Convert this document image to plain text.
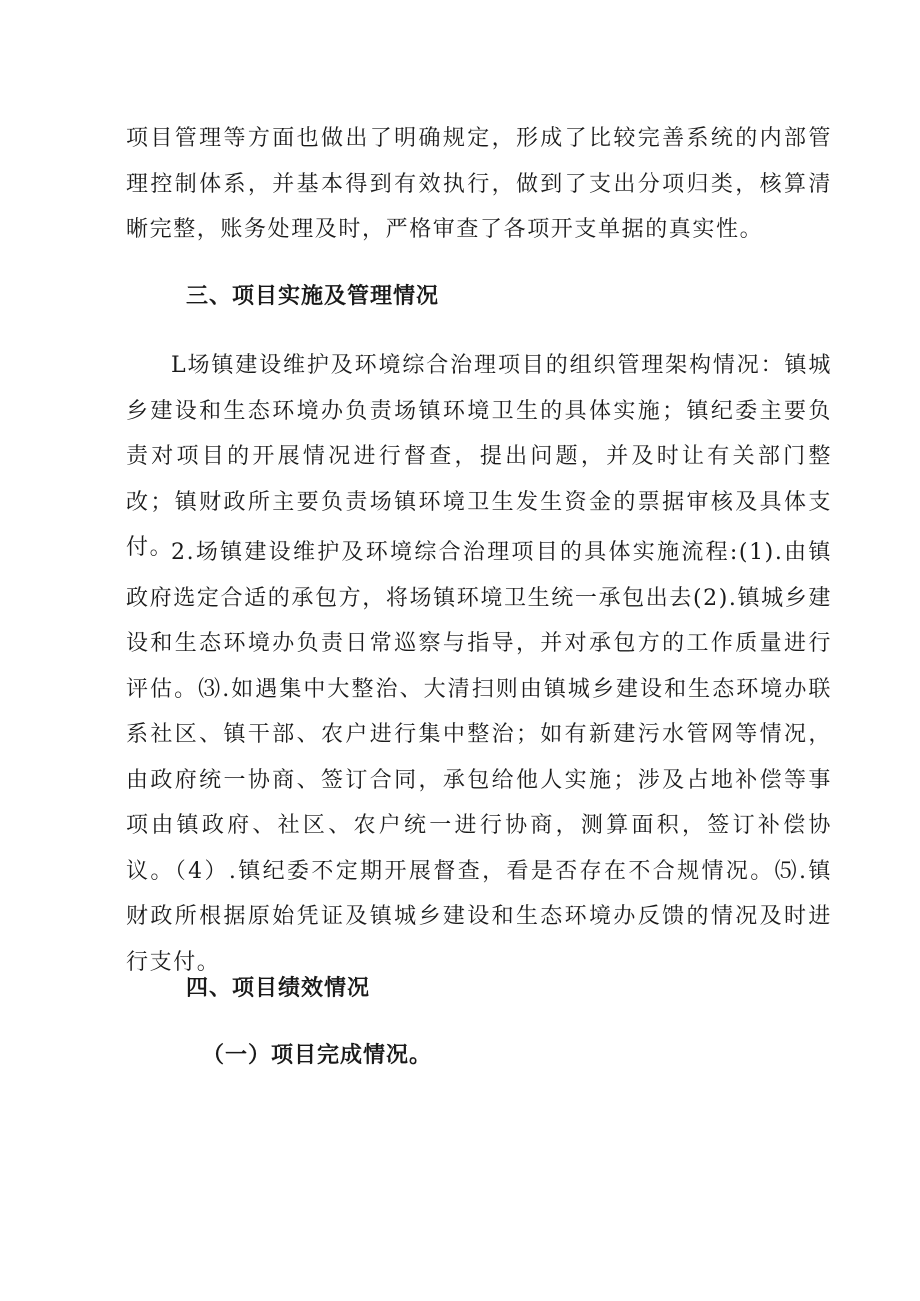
项目管理等方面也做出了明确规定，形成了比较完善系统的内部管理控制体系，并基本得到有效执行，做到了支出分项归类，核算清晰完整，账务处理及时，严格审查了各项开支单据的真实性。

三、项目实施及管理情况

L场镇建设维护及环境综合治理项目的组织管理架构情况：镇城乡建设和生态环境办负责场镇环境卫生的具体实施；镇纪委主要负责对项目的开展情况进行督查，提出问题，并及时让有关部门整改；镇财政所主要负责场镇环境卫生发生资金的票据审核及具体支付。

2.场镇建设维护及环境综合治理项目的具体实施流程:(1).由镇政府选定合适的承包方，将场镇环境卫生统一承包出去(2).镇城乡建设和生态环境办负责日常巡察与指导，并对承包方的工作质量进行评估。⑶.如遇集中大整治、大清扫则由镇城乡建设和生态环境办联系社区、镇干部、农户进行集中整治；如有新建污水管网等情况，由政府统一协商、签订合同，承包给他人实施；涉及占地补偿等事项由镇政府、社区、农户统一进行协商，测算面积，签订补偿协议。（4）.镇纪委不定期开展督查，看是否存在不合规情况。⑸.镇财政所根据原始凭证及镇城乡建设和生态环境办反馈的情况及时进行支付。

四、项目绩效情况
（一）项目完成情况。
